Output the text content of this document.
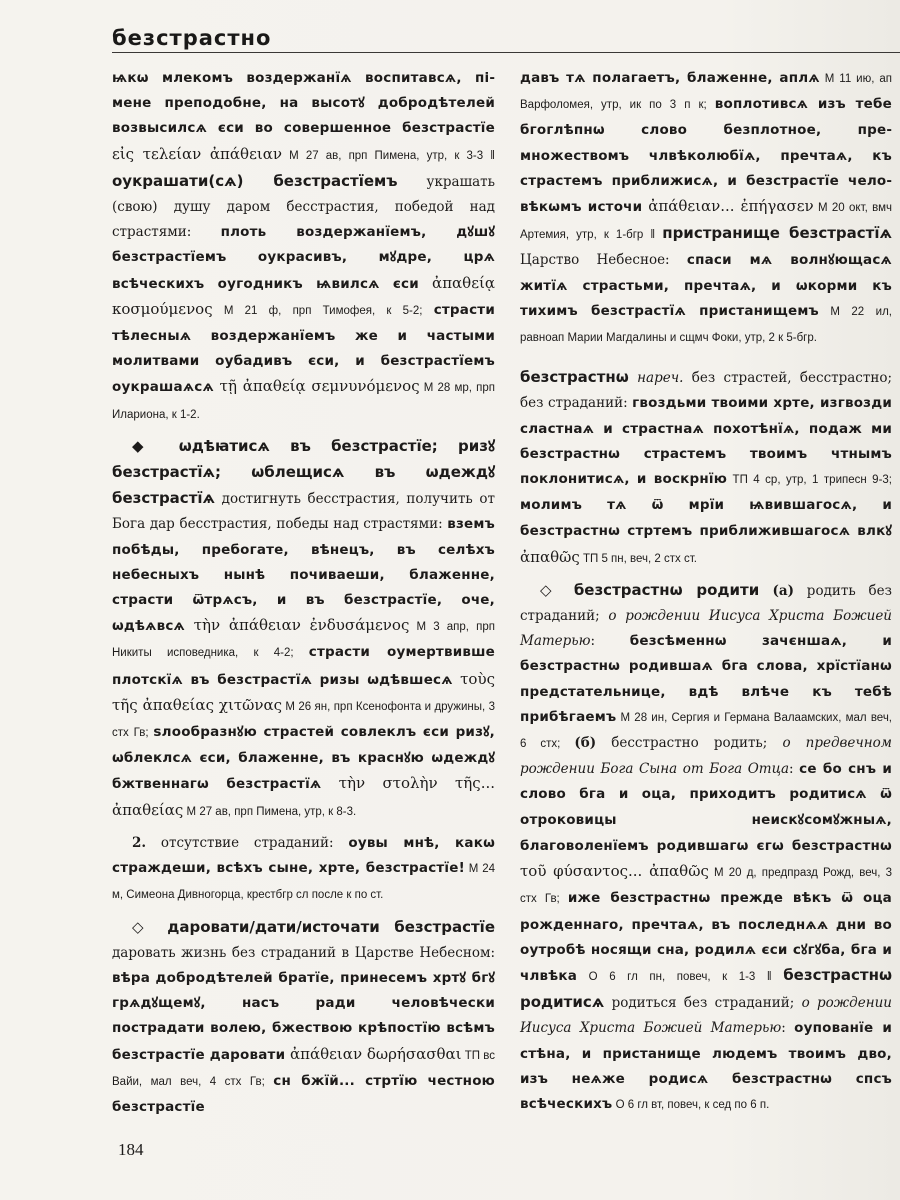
безстрастно

ѩкѡ млекомъ воздержанїѧ воспитавсѧ, пімене преподобне, на высотꙋ добродѣтелей возвысилсѧ єси во совершенное безстрастїе εἰς τελείαν ἀπάθειαν М 27 ав, прп Пимена, утр, к 3-3 ‖ оукрашати(сѧ) безстрастїемъ украшать (свою) душу даром бесстрастия, победой над страстями: плоть воздержанїемъ, дꙋшꙋ безстрастїемъ оукрасивъ, мꙋдре, црѧ всѣческихъ оугодникъ ѩвилсѧ єси ἀπαθείᾳ κοσμούμενος М 21 ф, прп Тимофея, к 5-2; страсти тѣлесныѧ воздержанїемъ же и частыми молитвами оубадивъ єси, и безстрастїемъ оукрашаѧсѧ τῇ ἀπαθείᾳ σεμνυνόμενος М 28 мр, прп Илариона, к 1-2.

◆ ѡдѣꙗтисѧ въ безстрастїе; ризꙋ безстрастїѧ; ѡблещисѧ въ ѡдеждꙋ безстрастїѧ достигнуть бесстрастия, получить от Бога дар бесстрастия, победы над страстями: вземъ побѣды, пребогате, вѣнецъ, въ селѣхъ небесныхъ нынѣ почиваеши, блаженне, страсти ѿтрѧсъ, и въ безстрастїе, оче, ѡдѣѧвсѧ τὴν ἀπάθειαν ἐνδυσάμενος М 3 апр, прп Никиты исповедника, к 4-2; страсти оумертвивше плотскїѧ въ безстрастїѧ ризы ѡдѣвшесѧ τοὺς τῆς ἀπαθείας χιτῶνας М 26 ян, прп Ксенофонта и дружины, 3 стх Гв; ѕлообразнꙋю страстей совлеклъ єси ризꙋ, ѡблеклсѧ єси, блаженне, въ краснꙋю ѡдеждꙋ бжтвеннагѡ безстрастїѧ τὴν στολὴν τῆς... ἀπαθείας М 27 ав, прп Пимена, утр, к 8-3.

2. отсутствие страданий: оувы мнѣ, какѡ страждеши, всѣхъ сыне, хрте, безстрастїе! М 24 м, Симеона Дивногорца, крестбгр сл после к по ст.

◇ даровати/дати/источати безстрастїе даровать жизнь без страданий в Царстве Небесном: вѣра добродѣтелей братїе, принесемъ хртꙋ бгꙋ грѧдꙋщемꙋ, насъ ради человѣчески пострадати волею, бжествою крѣпостїю всѣмъ безстрастїе даровати ἀπάθειαν δωρήσασθαι ТП вс Вайи, мал веч, 4 стх Гв; сн бжїй... стртїю честною безстрастїе

давъ тѧ полагаетъ, блаженне, аплѧ М 11 ию, ап Варфоломея, утр, ик по 3 п к; воплотивсѧ изъ тебе бгоглѣпнѡ слово безплотное, премножествомъ члвѣколюбїѧ, пречтаѧ, къ страстемъ приближисѧ, и безстрастїе человѣкѡмъ источи ἀπάθειαν... ἐπήγασεν М 20 окт, вмч Артемия, утр, к 1-бгр ‖ пристранище безстрастїѧ Царство Небесное: спаси мѧ волнꙋющасѧ житїѧ страстьми, пречтаѧ, и ѡкорми къ тихимъ безстрастїѧ пристанищемъ М 22 ил, равноап Марии Магдалины и сщмч Фоки, утр, 2 к 5-бгр.

безстрастнѡ нареч. без страстей, бесстрастно; без страданий: гвоздьми твоими хрте, изгвозди сластнаѧ и страстнаѧ похотѣнїѧ, подаж ми безстрастнѡ страстемъ твоимъ чтнымъ поклонитисѧ, и воскрнїю ТП 4 ср, утр, 1 трипесн 9-3; молимъ тѧ ѿ мрїи ѩвившагосѧ, и безстрастнѡ стртемъ приближившагосѧ влкꙋ ἀπαθῶς ТП 5 пн, веч, 2 стх ст.

◇ безстрастнѡ родити (а) родить без страданий; о рождении Иисуса Христа Божией Матерью: безсѣменнѡ зачєншаѧ, и безстрастнѡ родившаѧ бга слова, хрїстїанѡ предстательнице, вдѣ влѣче къ тебѣ прибѣгаемъ М 28 ин, Сергия и Германа Валаамских, мал веч, 6 стх; (б) бесстрастно родить; о предвечном рождении Бога Сына от Бога Отца: се бо снъ и слово бга и оца, приходитъ родитисѧ ѿ отроковицы неискꙋсомꙋжныѧ, благоволенїемъ родившагѡ єгѡ безстрастнѡ τοῦ φύσαντος... ἀπαθῶς М 20 д, предпразд Рожд, веч, 3 стх Гв; иже безстрастнѡ прежде вѣкъ ѿ оца рожденнаго, пречтаѧ, въ последнѧѧ дни во оутробѣ носящи сна, родилѧ єси сꙋгꙋба, бга и члвѣка О 6 гл пн, повеч, к 1-3 ‖ безстрастнѡ родитисѧ родиться без страданий; о рождении Иисуса Христа Божией Матерью: оупованїе и стѣна, и пристанище людемъ твоимъ дво, изъ неѧже родисѧ безстрастнѡ спсъ всѣческихъ О 6 гл вт, повеч, к сед по 6 п.

184
